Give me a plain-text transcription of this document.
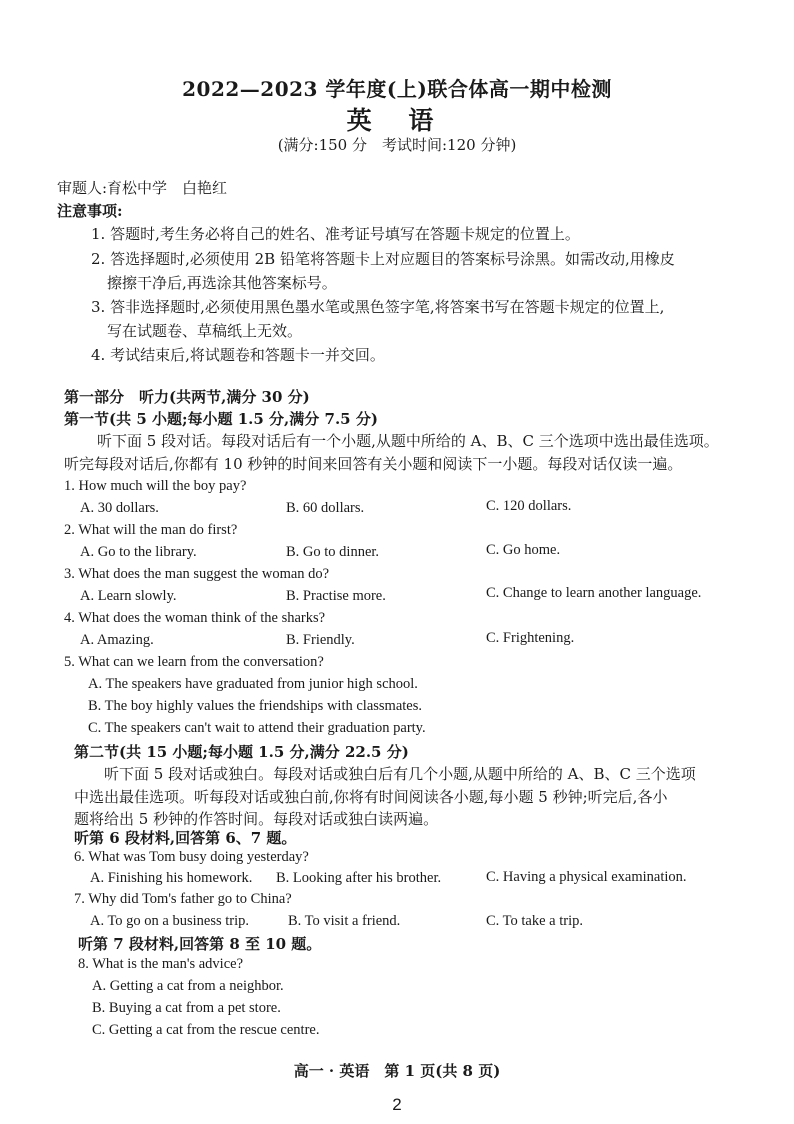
2022—2023 学年度(上)联合体高一期中检测
英 语
(满分:150 分　考试时间:120 分钟)
审题人:育松中学　白艳红
注意事项:
1. 答题时,考生务必将自己的姓名、准考证号填写在答题卡规定的位置上。
2. 答选择题时,必须使用 2B 铅笔将答题卡上对应题目的答案标号涂黑。如需改动,用橡皮
擦擦干净后,再选涂其他答案标号。
3. 答非选择题时,必须使用黑色墨水笔或黑色签字笔,将答案书写在答题卡规定的位置上,
写在试题卷、草稿纸上无效。
4. 考试结束后,将试题卷和答题卡一并交回。
第一部分　听力(共两节,满分 30 分)
第一节(共 5 小题;每小题 1.5 分,满分 7.5 分)
听下面 5 段对话。每段对话后有一个小题,从题中所给的 A、B、C 三个选项中选出最佳选项。
听完每段对话后,你都有 10 秒钟的时间来回答有关小题和阅读下一小题。每段对话仅读一遍。
1. How much will the boy pay?
A. 30 dollars.	B. 60 dollars.	C. 120 dollars.
2. What will the man do first?
A. Go to the library.	B. Go to dinner.	C. Go home.
3. What does the man suggest the woman do?
A. Learn slowly.	B. Practise more.	C. Change to learn another language.
4. What does the woman think of the sharks?
A. Amazing.	B. Friendly.	C. Frightening.
5. What can we learn from the conversation?
A. The speakers have graduated from junior high school.
B. The boy highly values the friendships with classmates.
C. The speakers can't wait to attend their graduation party.
第二节(共 15 小题;每小题 1.5 分,满分 22.5 分)
听下面 5 段对话或独白。每段对话或独白后有几个小题,从题中所给的 A、B、C 三个选项
中选出最佳选项。听每段对话或独白前,你将有时间阅读各小题,每小题 5 秒钟;听完后,各小
题将给出 5 秒钟的作答时间。每段对话或独白读两遍。
听第 6 段材料,回答第 6、7 题。
6. What was Tom busy doing yesterday?
A. Finishing his homework. B. Looking after his brother.	C. Having a physical examination.
7. Why did Tom's father go to China?
A. To go on a business trip.	B. To visit a friend.	C. To take a trip.
听第 7 段材料,回答第 8 至 10 题。
8. What is the man's advice?
A. Getting a cat from a neighbor.
B. Buying a cat from a pet store.
C. Getting a cat from the rescue centre.
高一 · 英语　第 1 页(共 8 页)
2
